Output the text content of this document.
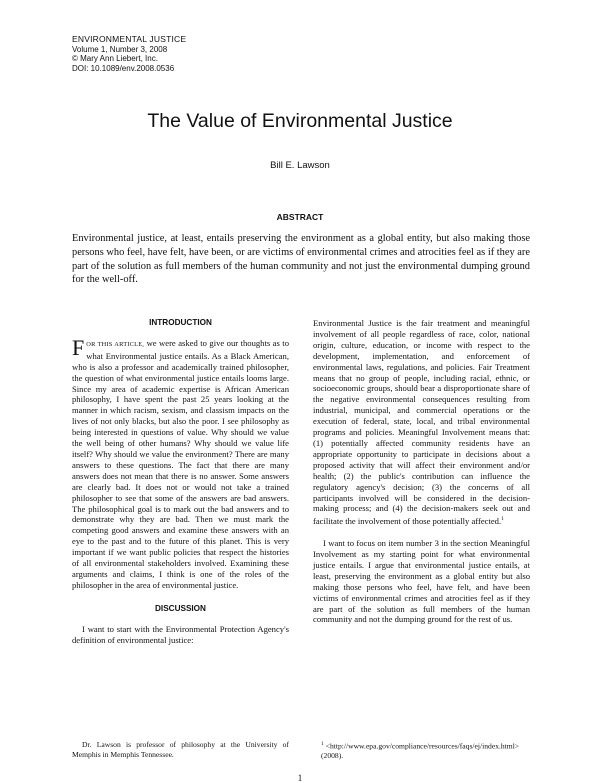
ENVIRONMENTAL JUSTICE
Volume 1, Number 3, 2008
© Mary Ann Liebert, Inc.
DOI: 10.1089/env.2008.0536
The Value of Environmental Justice
Bill E. Lawson
ABSTRACT

Environmental justice, at least, entails preserving the environment as a global entity, but also making those persons who feel, have felt, have been, or are victims of environmental crimes and atrocities feel as if they are part of the solution as full members of the human community and not just the environmental dumping ground for the well-off.

INTRODUCTION

FOR THIS ARTICLE, we were asked to give our thoughts as to what Environmental justice entails. As a Black American, who is also a professor and academically trained philosopher, the question of what environmental justice entails looms large. Since my area of academic expertise is African American philosophy, I have spent the past 25 years looking at the manner in which racism, sexism, and classism impacts on the lives of not only blacks, but also the poor. I see philosophy as being interested in questions of value. Why should we value the well being of other humans? Why should we value life itself? Why should we value the environment? There are many answers to these questions. The fact that there are many answers does not mean that there is no answer. Some answers are clearly bad. It does not or would not take a trained philosopher to see that some of the answers are bad answers. The philosophical goal is to mark out the bad answers and to demonstrate why they are bad. Then we must mark the competing good answers and examine these answers with an eye to the past and to the future of this planet. This is very important if we want public policies that respect the histories of all environmental stakeholders involved. Examining these arguments and claims, I think is one of the roles of the philosopher in the area of environmental justice.

DISCUSSION

I want to start with the Environmental Protection Agency's definition of environmental justice:

Environmental Justice is the fair treatment and meaningful involvement of all people regardless of race, color, national origin, culture, education, or income with respect to the development, implementation, and enforcement of environmental laws, regulations, and policies. Fair Treatment means that no group of people, including racial, ethnic, or socioeconomic groups, should bear a disproportionate share of the negative environmental consequences resulting from industrial, municipal, and commercial operations or the execution of federal, state, local, and tribal environmental programs and policies. Meaningful Involvement means that: (1) potentially affected community residents have an appropriate opportunity to participate in decisions about a proposed activity that will affect their environment and/or health; (2) the public's contribution can influence the regulatory agency's decision; (3) the concerns of all participants involved will be considered in the decision-making process; and (4) the decision-makers seek out and facilitate the involvement of those potentially affected.$^1$

I want to focus on item number 3 in the section Meaningful Involvement as my starting point for what environmental justice entails. I argue that environmental justice entails, at least, preserving the environment as a global entity but also making those persons who feel, have felt, and have been victims of environmental crimes and atrocities feel as if they are part of the solution as full members of the human community and not the dumping ground for the rest of us.

Dr. Lawson is professor of philosophy at the University of Memphis in Memphis Tennessee.
$^1$ <http://www.epa.gov/compliance/resources/faqs/ej/index.html> (2008).
1
